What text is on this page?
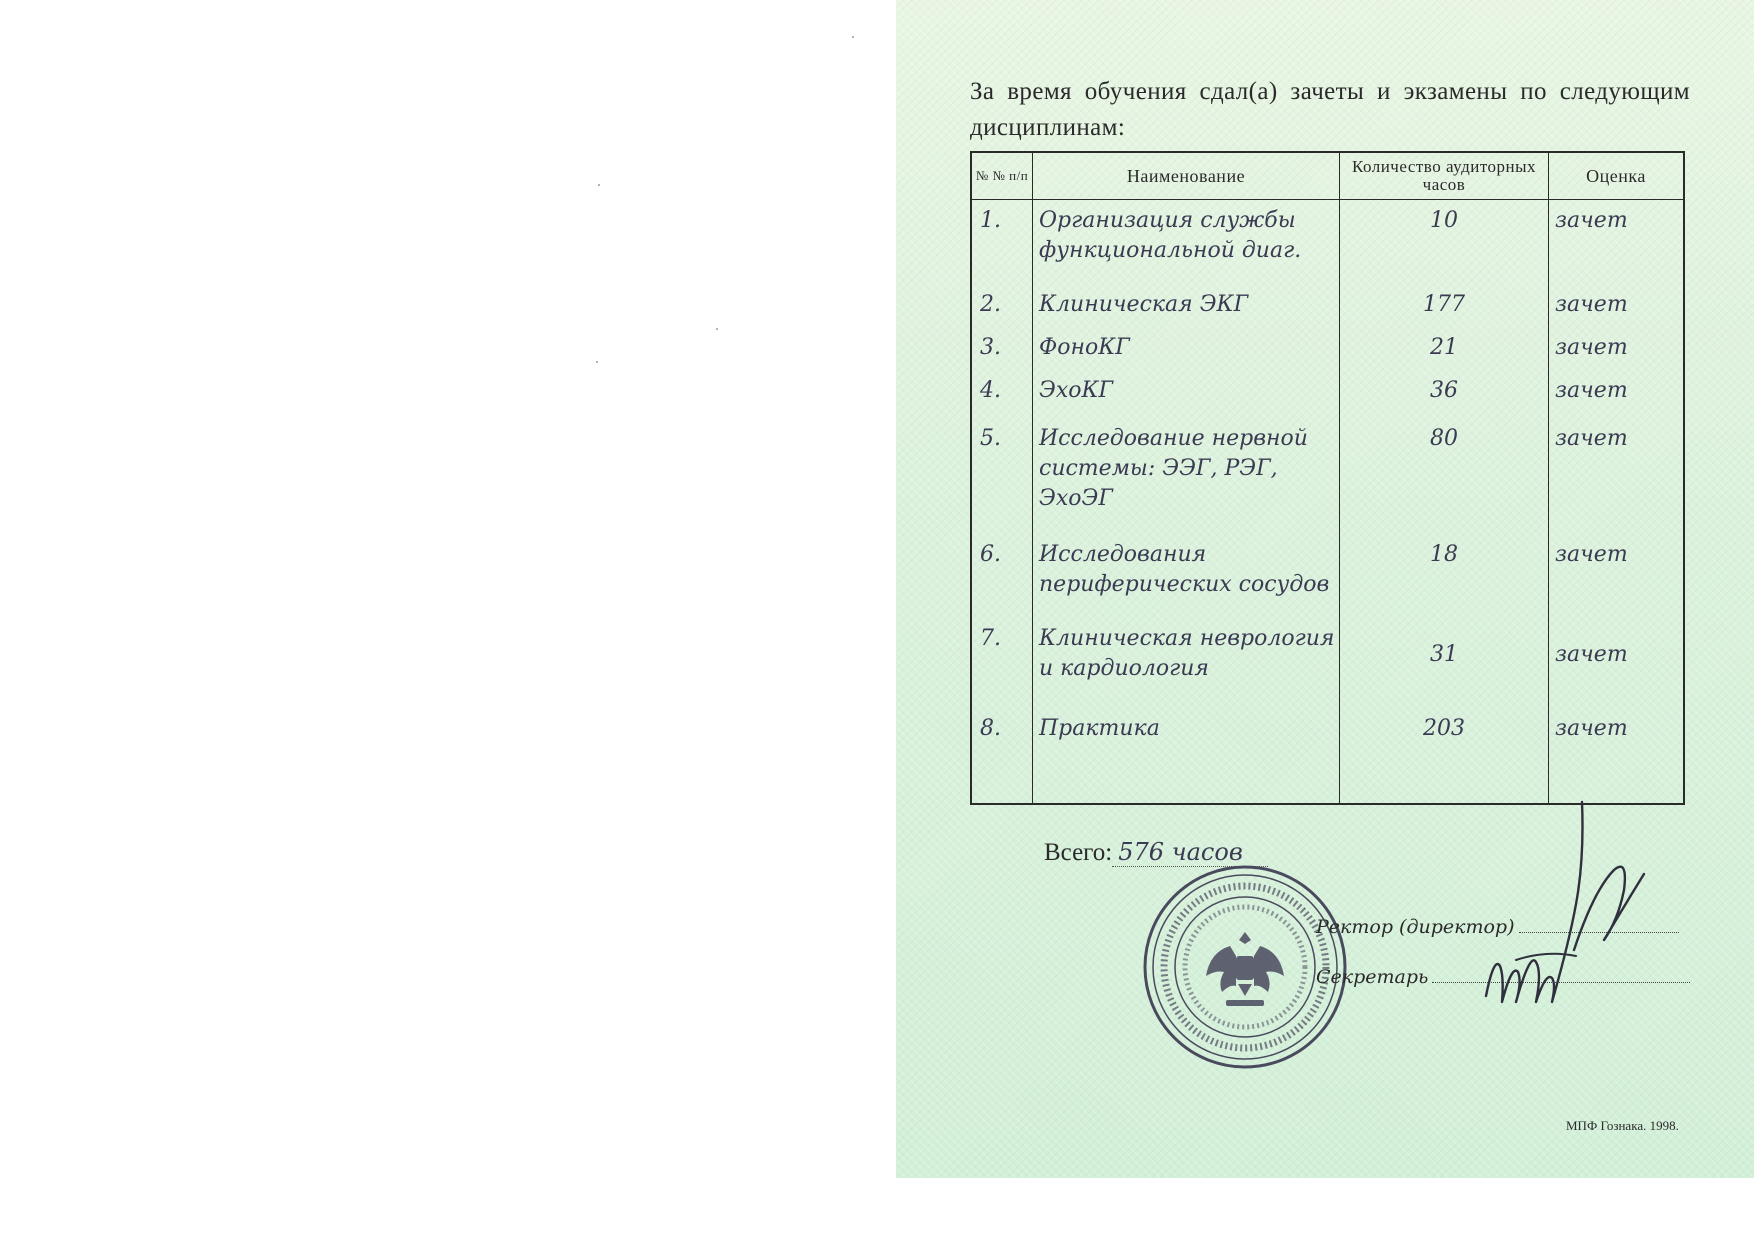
За время обучения сдал(а) зачеты и экзамены по следующим дисциплинам:
№ № п/п	Наименование	Количество аудиторных часов	Оценка
1.	Организация службы функциональной диаг.	10	зачет
2.	Клиническая ЭКГ	177	зачет
3.	ФоноКГ	21	зачет
4.	ЭхоКГ	36	зачет
5.	Исследование нервной системы: ЭЭГ, РЭГ, ЭхоЭГ	80	зачет
6.	Исследования периферических сосудов	18	зачет
7.	Клиническая неврология и кардиология	31	зачет
8.	Практика	203	зачет
Всего: 576 часов
Ректор (директор)
Секретарь
МПФ Гознака. 1998.
